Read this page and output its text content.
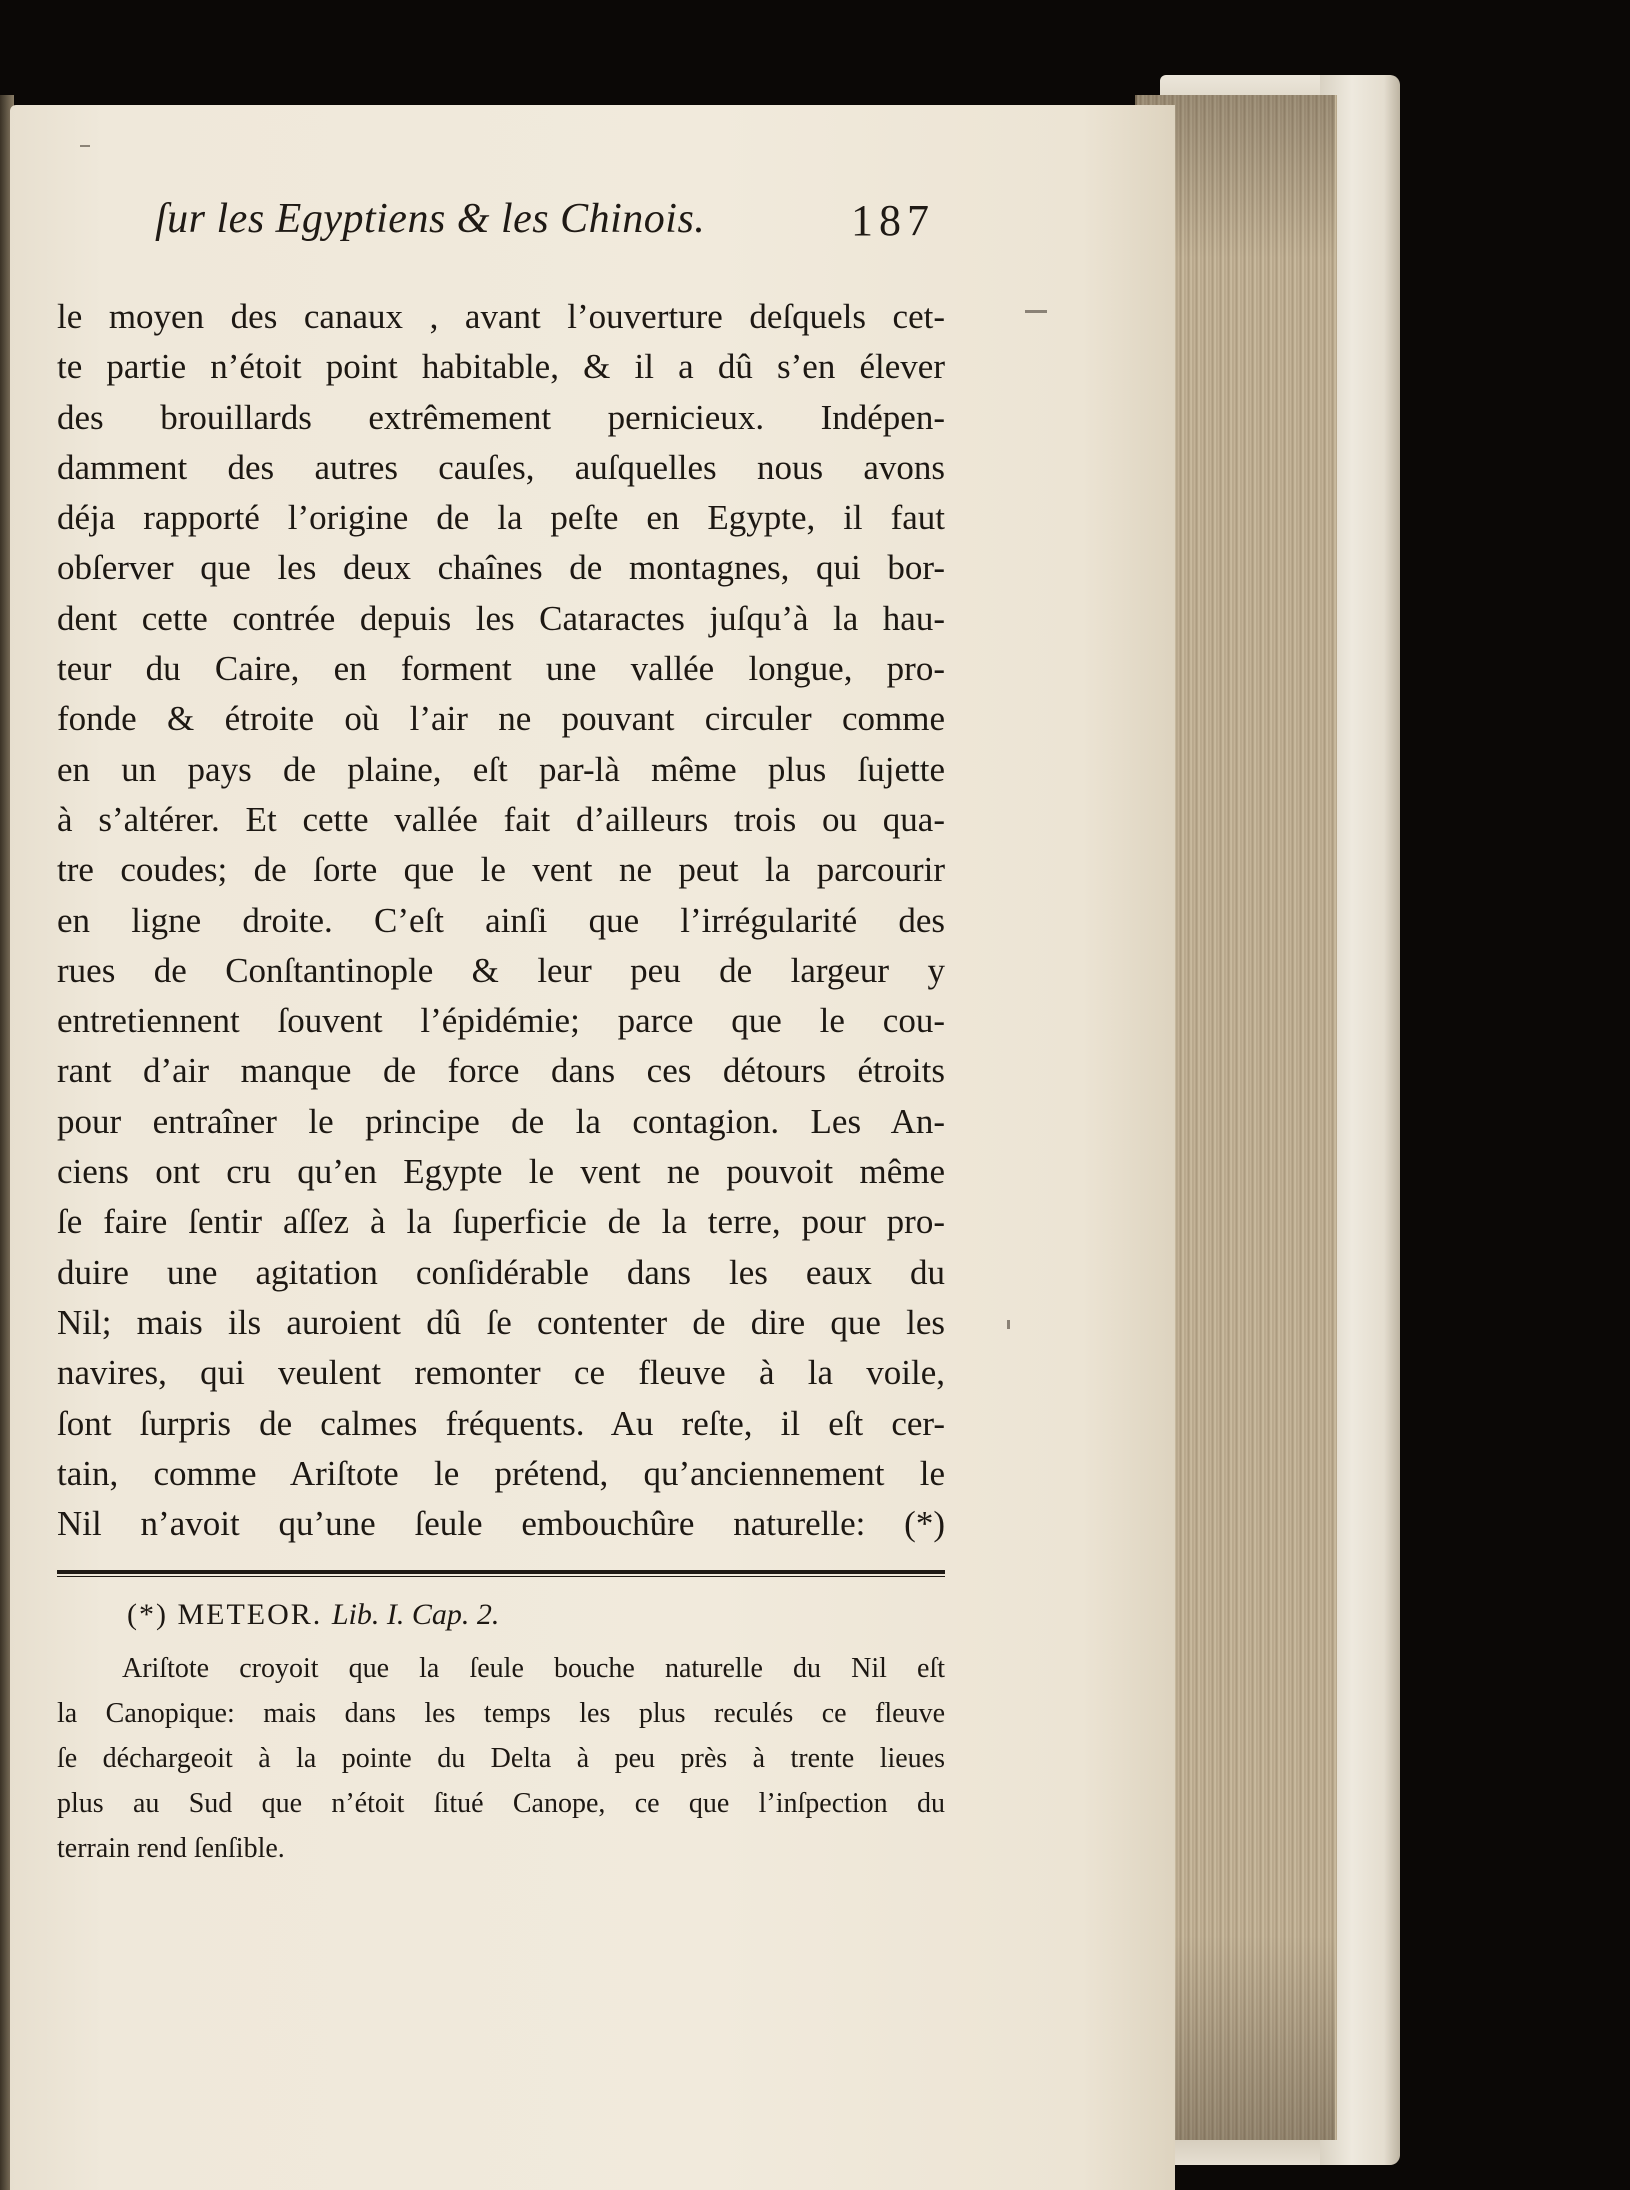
ſur les Egyptiens & les Chinois.	187
le moyen des canaux , avant l’ouverture deſquels cet-
te partie n’étoit point habitable, & il a dû s’en élever
des brouillards extrêmement pernicieux. Indépen-
damment des autres cauſes, auſquelles nous avons
déja rapporté l’origine de la peſte en Egypte, il faut
obſerver que les deux chaînes de montagnes, qui bor-
dent cette contrée depuis les Cataractes juſqu’à la hau-
teur du Caire, en forment une vallée longue, pro-
fonde & étroite où l’air ne pouvant circuler comme
en un pays de plaine, eſt par-là même plus ſujette
à s’altérer. Et cette vallée fait d’ailleurs trois ou qua-
tre coudes; de ſorte que le vent ne peut la parcourir
en ligne droite. C’eſt ainſi que l’irrégularité des
rues de Conſtantinople & leur peu de largeur y
entretiennent ſouvent l’épidémie; parce que le cou-
rant d’air manque de force dans ces détours étroits
pour entraîner le principe de la contagion. Les An-
ciens ont cru qu’en Egypte le vent ne pouvoit même
ſe faire ſentir aſſez à la ſuperficie de la terre, pour pro-
duire une agitation conſidérable dans les eaux du
Nil; mais ils auroient dû ſe contenter de dire que les
navires, qui veulent remonter ce fleuve à la voile,
ſont ſurpris de calmes fréquents. Au reſte, il eſt cer-
tain, comme Ariſtote le prétend, qu’anciennement le
Nil n’avoit qu’une ſeule embouchûre naturelle: (*)
(*) METEOR. Lib. I. Cap. 2.
Ariſtote croyoit que la ſeule bouche naturelle du Nil eſt
la Canopique: mais dans les temps les plus reculés ce fleuve
ſe déchargeoit à la pointe du Delta à peu près à trente lieues
plus au Sud que n’étoit ſitué Canope, ce que l’inſpection du
terrain rend ſenſible.
